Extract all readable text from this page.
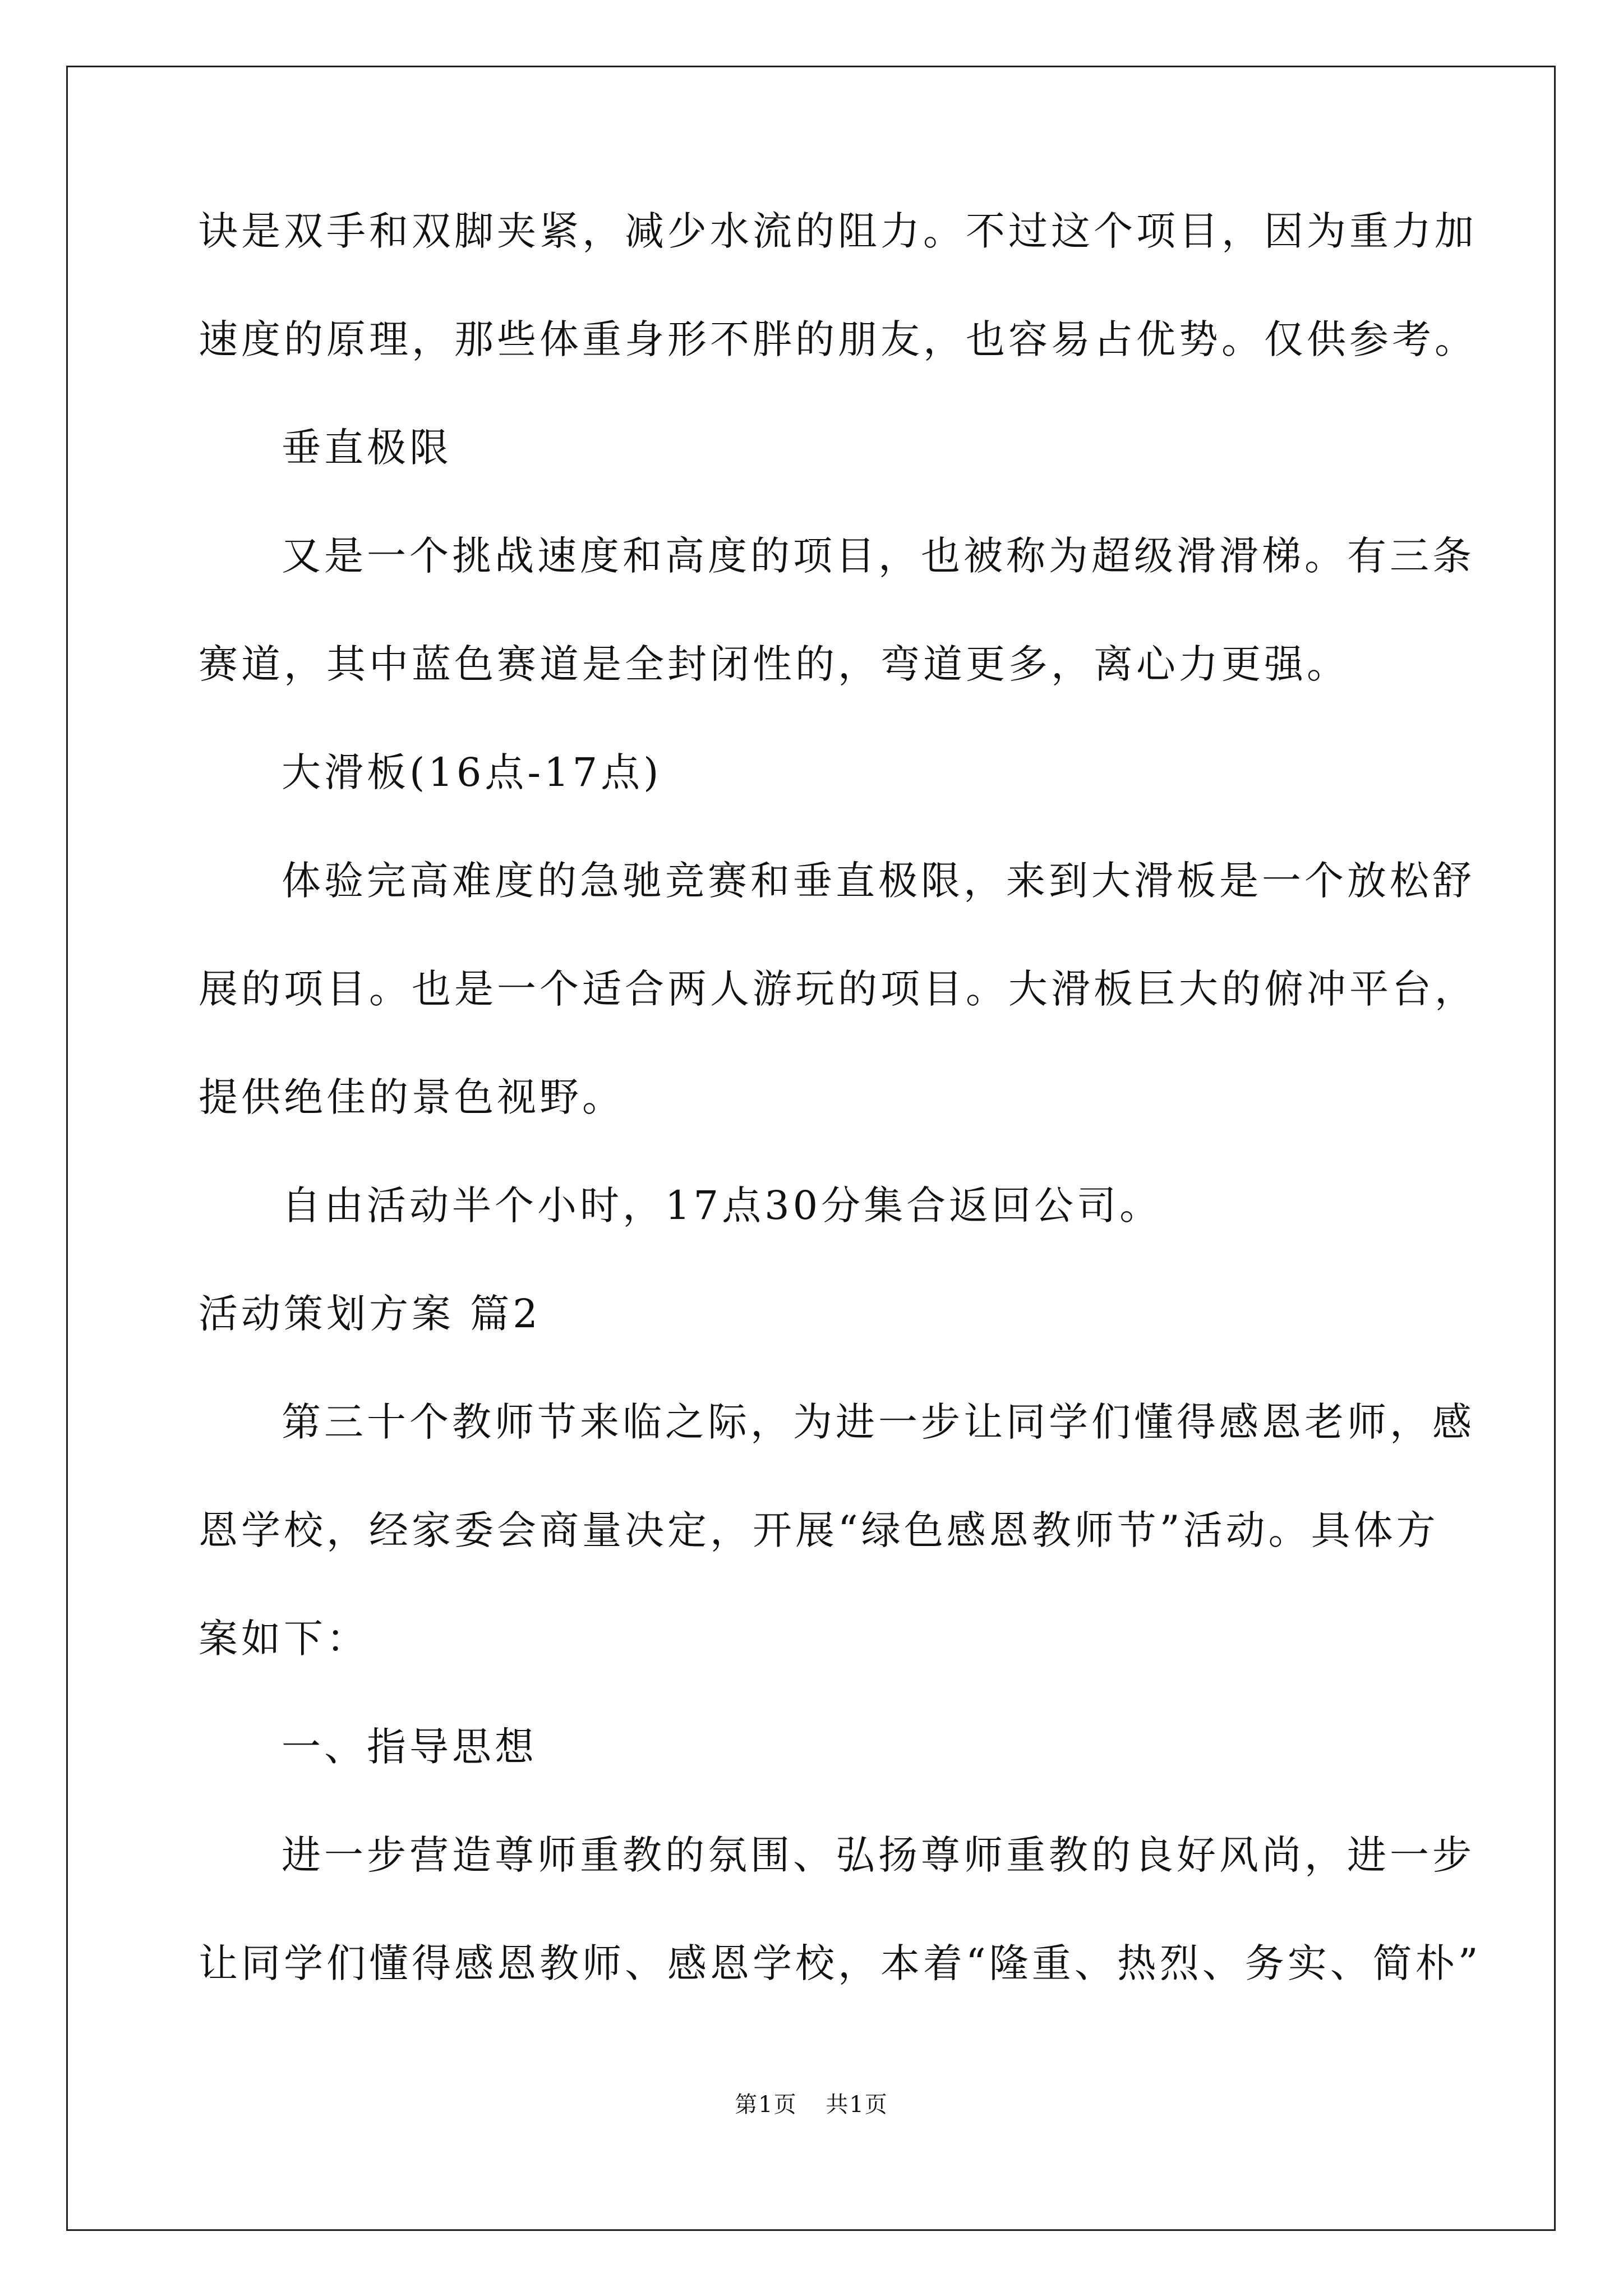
诀是双手和双脚夹紧，减少水流的阻力。不过这个项目，因为重力加
速度的原理，那些体重身形不胖的朋友，也容易占优势。仅供参考。
垂直极限
又是一个挑战速度和高度的项目，也被称为超级滑滑梯。有三条
赛道，其中蓝色赛道是全封闭性的，弯道更多，离心力更强。
大滑板(16点-17点)
体验完高难度的急驰竞赛和垂直极限，来到大滑板是一个放松舒
展的项目。也是一个适合两人游玩的项目。大滑板巨大的俯冲平台，
提供绝佳的景色视野。
自由活动半个小时，17点30分集合返回公司。
活动策划方案 篇2
第三十个教师节来临之际，为进一步让同学们懂得感恩老师，感
恩学校，经家委会商量决定，开展“绿色感恩教师节”活动。具体方
案如下：
一、指导思想
进一步营造尊师重教的氛围、弘扬尊师重教的良好风尚，进一步
让同学们懂得感恩教师、感恩学校，本着“隆重、热烈、务实、简朴”
第1页 共1页
